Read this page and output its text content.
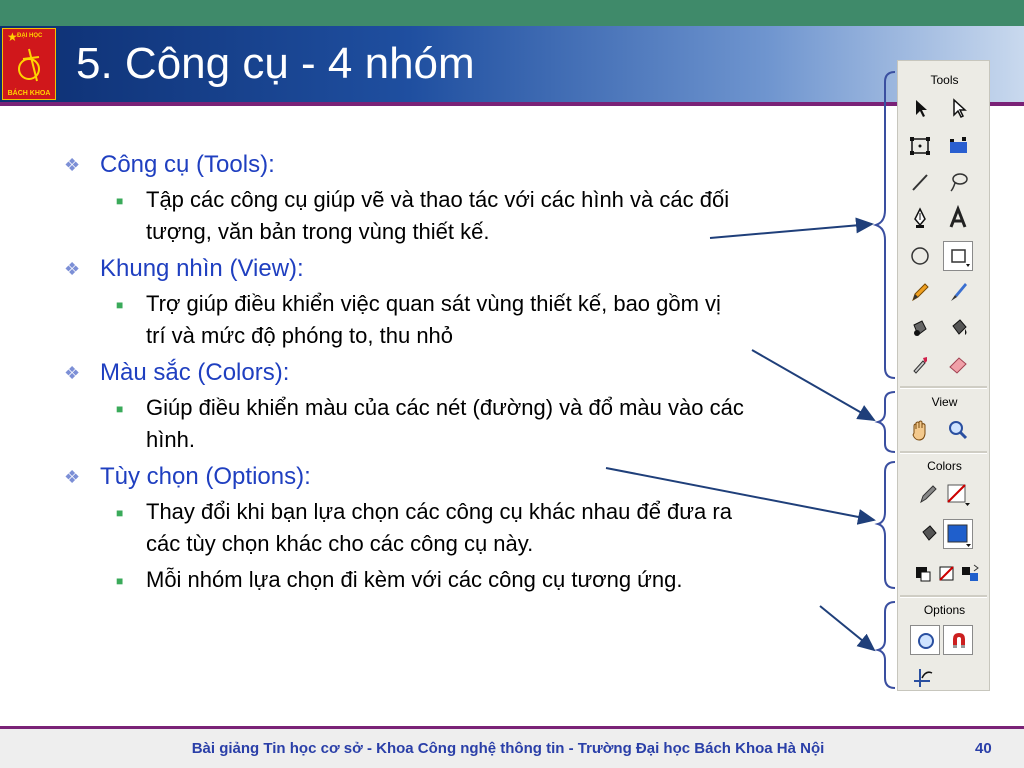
★ ĐẠI HỌC
BÁCH KHOA
5. Công cụ - 4 nhóm
❖ Công cụ (Tools):
■ Tập các công cụ giúp vẽ và thao tác với các hình và các đối tượng, văn bản trong vùng thiết kế.
❖ Khung nhìn (View):
■ Trợ giúp điều khiển việc quan sát vùng thiết kế, bao gồm vị trí và mức độ phóng to, thu nhỏ
❖ Màu sắc (Colors):
■ Giúp điều khiển màu của các nét (đường) và đổ màu vào các hình.
❖ Tùy chọn (Options):
■ Thay đổi khi bạn lựa chọn các công cụ khác nhau để đưa ra các tùy chọn khác cho các công cụ này.
■ Mỗi nhóm lựa chọn đi kèm với các công cụ tương ứng.
Tools
View
Colors
Options
Bài giảng Tin học cơ sở - Khoa Công nghệ thông tin - Trường Đại học Bách Khoa Hà Nội	40
